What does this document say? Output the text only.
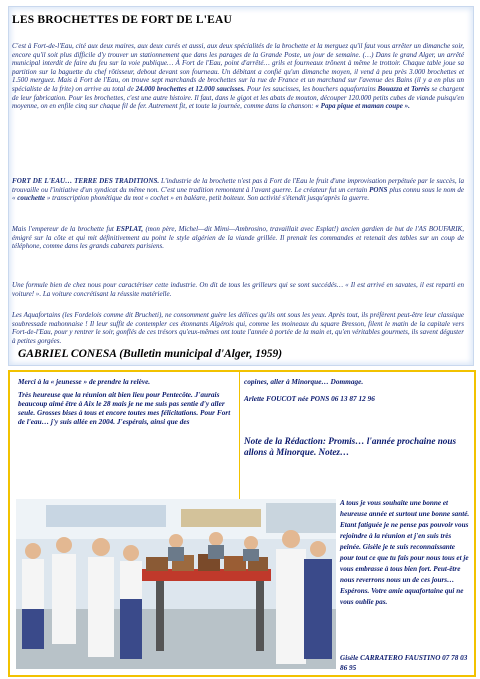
LES BROCHETTES DE FORT DE L'EAU
C'est à Fort-de-l'Eau, cité aux deux maires, aux deux curés et aussi, aux deux spécialités de la brochette et la merguez qu'il faut vous arrêter un dimanche soir, encore qu'il soit plus difficile d'y trouver un stationnement que dans les parages de la Grande Poste, un jour de semaine. (…) Dans le grand Alger, un arrêté municipal interdit de faire du feu sur la voie publique… À Fort de l'Eau, point d'arrêté… grils et fourneaux trônent à même le trottoir. Chaque table joue sa partition sur la baguette du chef rôtisseur, debout devant son fourneau. Un débitant a confié qu'un dimanche moyen, il vend à peu près 3.000 brochettes et 1.500 merguez. Mais à Fort de l'Eau, on trouve sept marchands de brochettes sur la rue de France et un marchand sur l'avenue des Bains (il y a en plus un spécialiste de la frite) on arrive au total de 24.000 brochettes et 12.000 saucisses. Pour les saucisses, les bouchers aquafortains Bouazza et Torrès se chargent de leur fabrication. Pour les brochettes, c'est une autre histoire. Il faut, dans le gigot et les abats de mouton, découper 120.000 petits cubes de viande puisqu'en moyenne, on en enfile cinq sur chaque fil de fer. Autrement fit, et toute la journée, comme dans la chanson: « Papa pique et maman coupe ».
FORT DE L'EAU… TERRE DES TRADITIONS. L'industrie de la brochette n'est pas à Fort de l'Eau le fruit d'une improvisation perpétuée par le succès, la trouvaille ou l'initiative d'un syndicat du même non. C'est une tradition remontant à l'avant guerre. Le créateur fut un certain PONS plus connu sous le nom de « couchette » transcription phonétique du mot « cochet » en baléare, petit boiteux. Son activité s'étendit jusqu'après la guerre.
Mais l'empereur de la brochette fut ESPLAT, (mon père, Michel—dit Mimi—Ambrosino, travaillait avec Esplat!) ancien gardien de but de l'AS BOUFARIK, émigré sur la côte et qui mit définitivement au point le style algérien de la viande grillée. Il prenait les commandes et retenait des tables sur un coup de téléphone, comme dans les grands cabarets parisiens.
Une formule bien de chez nous pour caractériser cette industrie. On dit de tous les grilleurs qui se sont succédés… « Il est arrivé en savates, il est reparti en voiture! ». La voiture concrétisant la réussite matérielle.
Les Aquafortains (les Fordelois comme dit Brucheti), ne consomment guère les délices qu'ils ont sous les yeux. Après tout, ils préfèrent peut-être leur classique soubressade mahonnaise ! Il leur suffit de contempler ces étonnants Algérois qui, comme les moineaux du square Bresson, filent le matin de la capitale vers Fort-de-l'Eau, pour y rentrer le soir, gonflés de ces trésors qu'eux-mêmes ont toute l'année à portée de la main et, qu'en véritables gourmets, ils savent déguster à petites gorgées.
GABRIEL CONESA (Bulletin municipal d'Alger, 1959)
Merci à la « jeunesse » de prendre la relève.
Très heureuse que la réunion ait bien lieu pour Pentecôte. J'aurais beaucoup aimé être à Aix le 28 mais je ne me suis pas sentie d'y aller seule. Grosses bises à tous et encore toutes mes félicitations. Pour Fort de l'eau… j'y suis allée en 2004. J'espérais, ainsi que des
copines, aller à Minorque… Dommage.
Arlette FOUCOT née PONS 06 13 87 12 96
Note de la Rédaction: Promis… l'année prochaine nous allons à Minorque. Notez…
A tous je vous souhaite une bonne et heureuse année et surtout une bonne santé. Etant fatiguée je ne pense pas pouvoir vous rejoindre à la réunion et j'en suis très peinée. Gisèle je te suis reconnaissante pour tout ce que tu fais pour nous tous et je vous embrasse à tous bien fort. Peut-être nous reverrons nous un de ces jours… Espérons. Votre amie aquafortaine qui ne vous oublie pas.
Gisèle CARRATERO FAUSTINO 07 78 03 86 95
